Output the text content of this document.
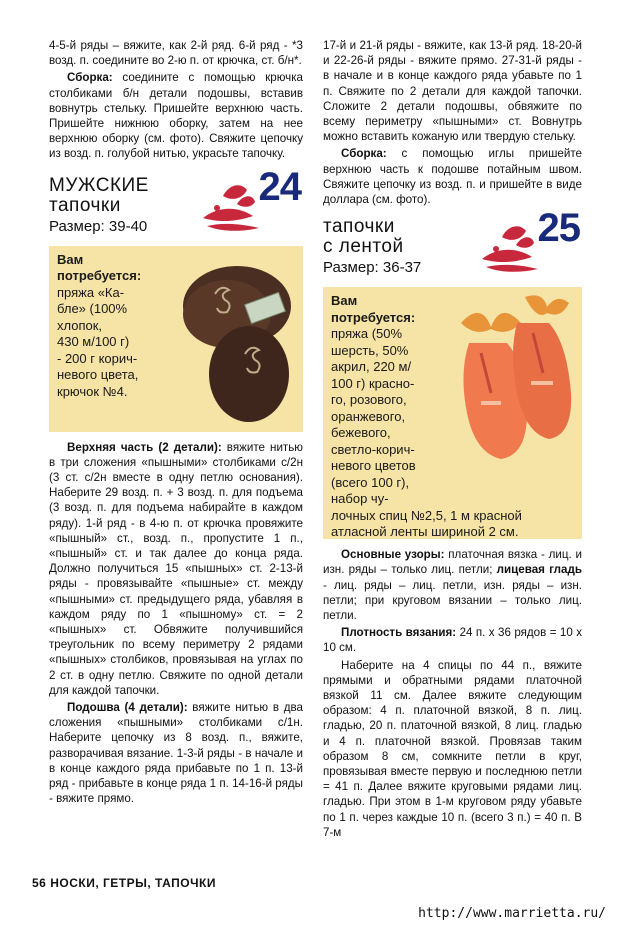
4-5-й ряды – вяжите, как 2-й ряд. 6-й ряд - *3 возд. п. соедините во 2-ю п. от крючка, ст. б/н*.

Сборка: соедините с помощью крючка столбиками б/н детали подошвы, вставив вовнутрь стельку. Пришейте верхнюю часть. Пришейте нижнюю оборку, затем на нее верхнюю оборку (см. фото). Свяжите цепочку из возд. п. голубой нитью, украсьте тапочку.

МУЖСКИЕ
тапочки
Размер: 39-40
24
Вам потребуется:
пряжа «Ка-
бле» (100%
хлопок,
430 м/100 г)
- 200 г корич-
невого цвета,
крючок №4.

Верхняя часть (2 детали): вяжите нитью в три сложения «пышными» столбиками с/2н (3 ст. с/2н вместе в одну петлю основания). Наберите 29 возд. п. + 3 возд. п. для подъема (3 возд. п. для подъема набирайте в каждом ряду). 1-й ряд - в 4-ю п. от крючка провяжите «пышный» ст., возд. п., пропустите 1 п., «пышный» ст. и так далее до конца ряда. Должно получиться 15 «пышных» ст. 2-13-й ряды - провязывайте «пышные» ст. между «пышными» ст. предыдущего ряда, убавляя в каждом ряду по 1 «пышному» ст. = 2 «пышных» ст. Обвяжите получившийся треугольник по всему периметру 2 рядами «пышных» столбиков, провязывая на углах по 2 ст. в одну петлю. Свяжите по одной детали для каждой тапочки.

Подошва (4 детали): вяжите нитью в два сложения «пышными» столбиками с/1н. Наберите цепочку из 8 возд. п., вяжите, разворачивая вязание. 1-3-й ряды - в начале и в конце каждого ряда прибавьте по 1 п. 13-й ряд - прибавьте в конце ряда 1 п. 14-16-й ряды - вяжите прямо.

17-й и 21-й ряды - вяжите, как 13-й ряд. 18-20-й и 22-26-й ряды - вяжите прямо. 27-31-й ряды - в начале и в конце каждого ряда убавьте по 1 п. Свяжите по 2 детали для каждой тапочки. Сложите 2 детали подошвы, обвяжите по всему периметру «пышными» ст. Вовнутрь можно вставить кожаную или твердую стельку.

Сборка: с помощью иглы пришейте верхнюю часть к подошве потайным швом. Свяжите цепочку из возд. п. и пришейте в виде доллара (см. фото).

тапочки
с лентой
Размер: 36-37
25
Вам потребуется:
пряжа (50%
шерсть, 50%
акрил, 220 м/
100 г) красно-
го, розового,
оранжевого,
бежевого,
светло-корич-
невого цветов
(всего 100 г),
набор чу-
лочных спиц №2,5, 1 м красной
атласной ленты шириной 2 см.

Основные узоры: платочная вязка - лиц. и изн. ряды – только лиц. петли; лицевая гладь - лиц. ряды – лиц. петли, изн. ряды – изн. петли; при круговом вязании – только лиц. петли.

Плотность вязания: 24 п. х 36 рядов = 10 х 10 см.

Наберите на 4 спицы по 44 п., вяжите прямыми и обратными рядами платочной вязкой 11 см. Далее вяжите следующим образом: 4 п. платочной вязкой, 8 п. лиц. гладью, 20 п. платочной вязкой, 8 лиц. гладью и 4 п. платочной вязкой. Провязав таким образом 8 см, сомкните петли в круг, провязывая вместе первую и последнюю петли = 41 п. Далее вяжите круговыми рядами лиц. гладью. При этом в 1-м круговом ряду убавьте по 1 п. через каждые 10 п. (всего 3 п.) = 40 п. В 7-м

56 НОСКИ, ГЕТРЫ, ТАПОЧКИ
http://www.marrietta.ru/
